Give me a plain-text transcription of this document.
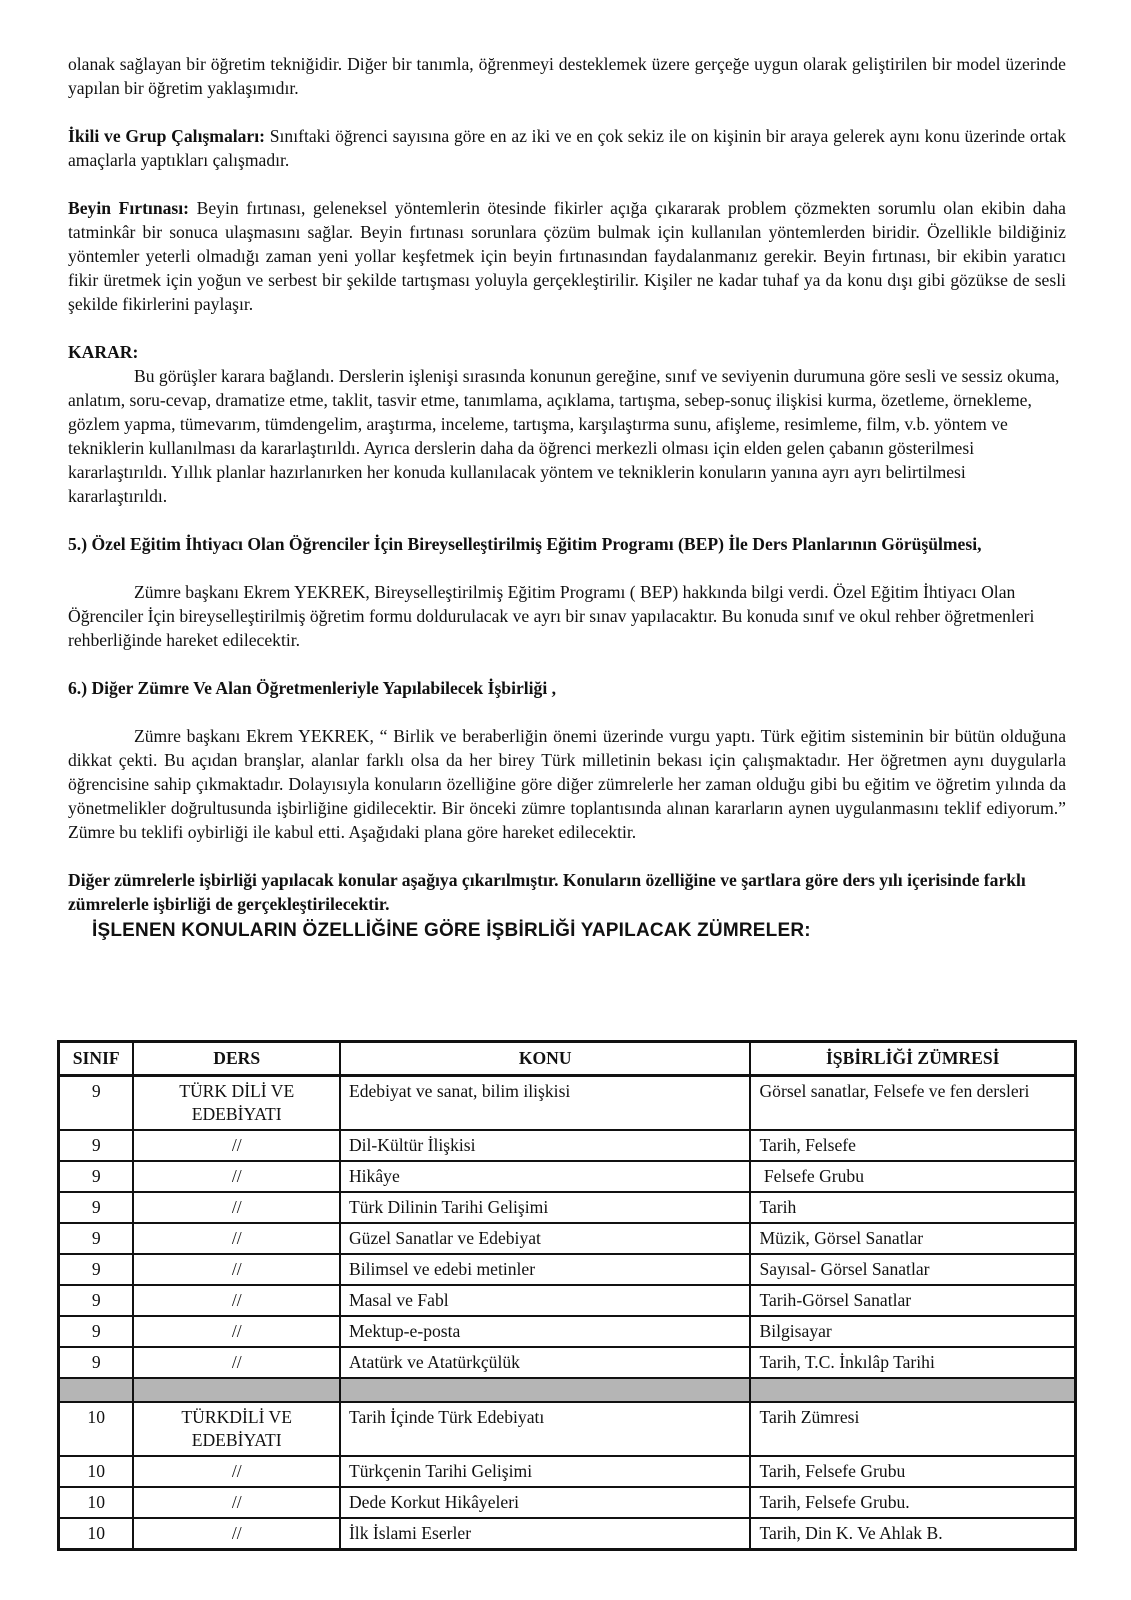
olanak sağlayan bir öğretim tekniğidir. Diğer bir tanımla, öğrenmeyi desteklemek üzere gerçeğe uygun olarak geliştirilen bir model üzerinde yapılan bir öğretim yaklaşımıdır.

İkili ve Grup Çalışmaları: Sınıftaki öğrenci sayısına göre en az iki ve en çok sekiz ile on kişinin bir araya gelerek aynı konu üzerinde ortak amaçlarla yaptıkları çalışmadır.

Beyin Fırtınası: Beyin fırtınası, geleneksel yöntemlerin ötesinde fikirler açığa çıkararak problem çözmekten sorumlu olan ekibin daha tatminkâr bir sonuca ulaşmasını sağlar. Beyin fırtınası sorunlara çözüm bulmak için kullanılan yöntemlerden biridir. Özellikle bildiğiniz yöntemler yeterli olmadığı zaman yeni yollar keşfetmek için beyin fırtınasından faydalanmanız gerekir. Beyin fırtınası, bir ekibin yaratıcı fikir üretmek için yoğun ve serbest bir şekilde tartışması yoluyla gerçekleştirilir. Kişiler ne kadar tuhaf ya da konu dışı gibi gözükse de sesli şekilde fikirlerini paylaşır.

KARAR:

Bu görüşler karara bağlandı. Derslerin işlenişi sırasında konunun gereğine, sınıf ve seviyenin durumuna göre sesli ve sessiz okuma, anlatım, soru-cevap, dramatize etme, taklit, tasvir etme, tanımlama, açıklama, tartışma, sebep-sonuç ilişkisi kurma, özetleme, örnekleme, gözlem yapma, tümevarım, tümdengelim, araştırma, inceleme, tartışma, karşılaştırma sunu, afişleme, resimleme, film, v.b. yöntem ve tekniklerin kullanılması da kararlaştırıldı. Ayrıca derslerin daha da öğrenci merkezli olması için elden gelen çabanın gösterilmesi kararlaştırıldı. Yıllık planlar hazırlanırken her konuda kullanılacak yöntem ve tekniklerin konuların yanına ayrı ayrı belirtilmesi kararlaştırıldı.

5.) Özel Eğitim İhtiyacı Olan Öğrenciler İçin Bireyselleştirilmiş Eğitim Programı (BEP) İle Ders Planlarının Görüşülmesi,

Zümre başkanı Ekrem YEKREK, Bireyselleştirilmiş Eğitim Programı ( BEP) hakkında bilgi verdi. Özel Eğitim İhtiyacı Olan Öğrenciler İçin bireyselleştirilmiş öğretim formu doldurulacak ve ayrı bir sınav yapılacaktır. Bu konuda sınıf ve okul rehber öğretmenleri rehberliğinde hareket edilecektir.

6.) Diğer Zümre Ve Alan Öğretmenleriyle Yapılabilecek İşbirliği ,

Zümre başkanı Ekrem YEKREK, “ Birlik ve beraberliğin önemi üzerinde vurgu yaptı. Türk eğitim sisteminin bir bütün olduğuna dikkat çekti. Bu açıdan branşlar, alanlar farklı olsa da her birey Türk milletinin bekası için çalışmaktadır. Her öğretmen aynı duygularla öğrencisine sahip çıkmaktadır. Dolayısıyla konuların özelliğine göre diğer zümrelerle her zaman olduğu gibi bu eğitim ve öğretim yılında da yönetmelikler doğrultusunda işbirliğine gidilecektir. Bir önceki zümre toplantısında alınan kararların aynen uygulanmasını teklif ediyorum.” Zümre bu teklifi oybirliği ile kabul etti. Aşağıdaki plana göre hareket edilecektir.

Diğer zümrelerle işbirliği yapılacak konular aşağıya çıkarılmıştır. Konuların özelliğine ve şartlara göre ders yılı içerisinde farklı zümrelerle işbirliği de gerçekleştirilecektir.

İŞLENEN KONULARIN ÖZELLİĞİNE GÖRE İŞBİRLİĞİ YAPILACAK ZÜMRELER:

SINIF	DERS	KONU	İŞBİRLİĞİ ZÜMRESİ
9	TÜRK DİLİ VE EDEBİYATI	Edebiyat ve sanat, bilim ilişkisi	Görsel sanatlar, Felsefe ve fen dersleri
9	//	Dil-Kültür İlişkisi	Tarih, Felsefe
9	//	Hikâye	Felsefe Grubu
9	//	Türk Dilinin Tarihi Gelişimi	Tarih
9	//	Güzel Sanatlar ve Edebiyat	Müzik, Görsel Sanatlar
9	//	Bilimsel ve edebi metinler	Sayısal- Görsel Sanatlar
9	//	Masal ve Fabl	Tarih-Görsel Sanatlar
9	//	Mektup-e-posta	Bilgisayar
9	//	Atatürk ve Atatürkçülük	Tarih, T.C. İnkılâp Tarihi

10	TÜRKDİLİ VE EDEBİYATI	Tarih İçinde Türk Edebiyatı	Tarih Zümresi
10	//	Türkçenin Tarihi Gelişimi	Tarih, Felsefe Grubu
10	//	Dede Korkut Hikâyeleri	Tarih, Felsefe Grubu.
10	//	İlk İslami Eserler	Tarih, Din K. Ve Ahlak B.
